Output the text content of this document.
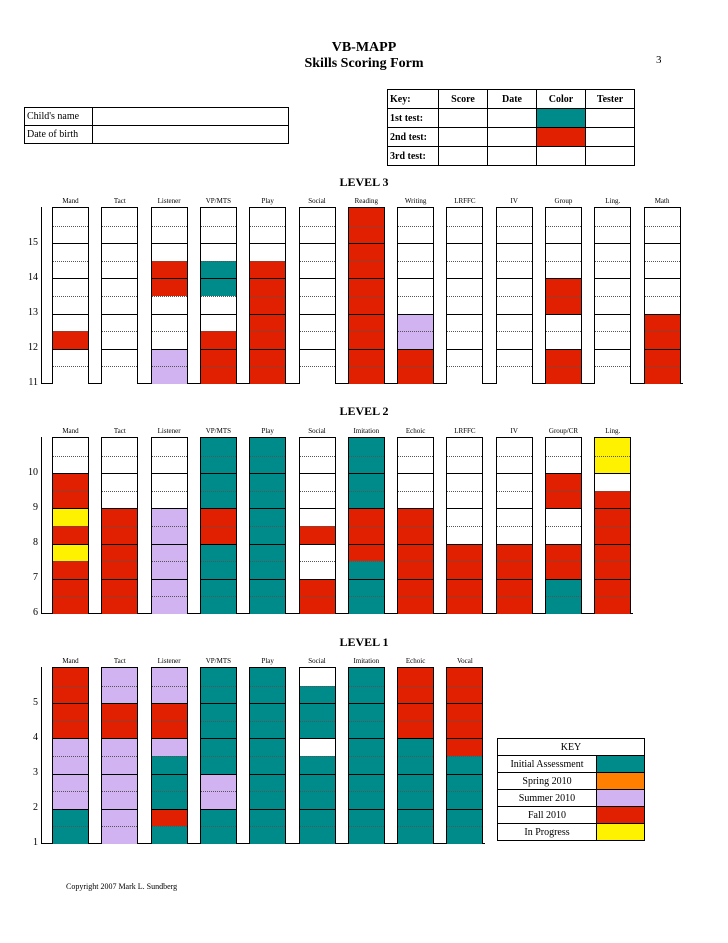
VB-MAPP
Skills Scoring Form	3
Child's name	
Date of birth	
Key:	Score	Date	Color	Tester
1st test:				
2nd test:				
3rd test:				
LEVEL 3
15
14
13
12
11
Mand	Tact	Listener	VP/MTS	Play	Social	Reading	Writing	LRFFC	IV	Group	Ling.	Math
LEVEL 2
10
9
8
7
6
Mand	Tact	Listener	VP/MTS	Play	Social	Imitation	Echoic	LRFFC	IV	Group/CR	Ling.
LEVEL 1
5
4
3
2
1
Mand	Tact	Listener	VP/MTS	Play	Social	Imitation	Echoic	Vocal
KEY	
Initial Assessment	
Spring 2010	
Summer 2010	
Fall 2010	
In Progress	
Copyright 2007 Mark L. Sundberg
